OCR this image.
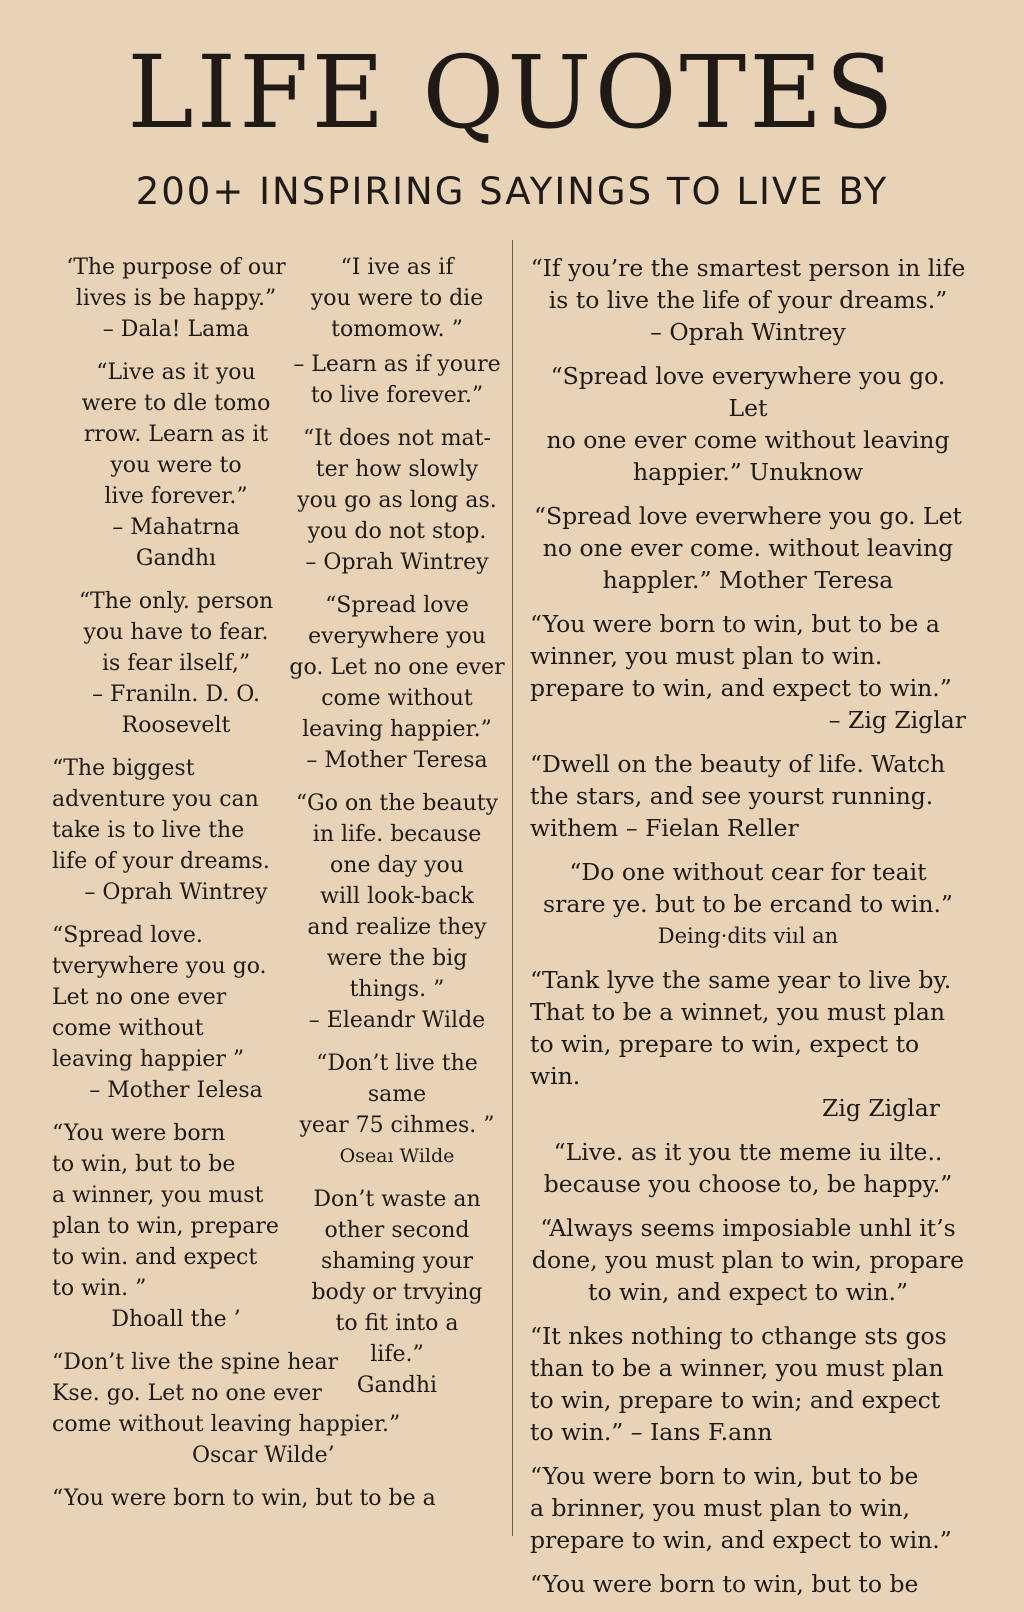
LIFE QUOTES
200+ INSPIRING SAYINGS TO LIVE BY
‘The purpose of our
lives is be happy.”
– Dala! Lama
“Live as it you
were to dle tomo
rrow. Learn as it
you were to
live forever.”
– Mahatrna
Gandhı
“The only. person
you have to fear.
is fear ilself,”
– Franiln. D. O.
Roosevelt
“The biggest
adventure you can
take is to live the
life of your dreams.
– Oprah Wintrey
“Spread love.
tverywhere you go.
Let no one ever
come without
leaving happier ”
– Mother Ielesa
“You were born
to win, but to be
a winner, you must
plan to win, prepare
to win. and expect
to win. ”
Dhoall the ’
“Don’t live the spine hear
Kse. go. Let no one ever
come without leaving happier.”
Oscar Wilde’
“You were born to win, but to be a
“I ive as if
you were to die
tomomow. ”
– Learn as if youre
to live forever.”
“It does not mat-
ter how slowly
you go as long as.
you do not stop.
– Oprah Wintrey
“Spread love
everywhere you
go. Let no one ever
come without
leaving happier.”
– Mother Teresa
“Go on the beauty
in life. because
one day you
will look-back
and realize they
were the big
things. ”
– Eleandr Wilde
“Don’t live the same
year 75 cihmes. ”
Oseaı Wilde
Don’t waste an
other second
shaming your
body or trvying
to fit into a
life.”
Gandhi
“If you’re the smartest person in life
is to live the life of your dreams.”
– Oprah Wintrey
“Spread love everywhere you go. Let
no one ever come without leaving
happier.” Unuknow
“Spread love everwhere you go. Let
no one ever come. without leaving
happler.” Mother Teresa
“You were born to win, but to be a
winner, you must plan to win.
prepare to win, and expect to win.”
– Zig Ziglar
“Dwell on the beauty of life. Watch
the stars, and see yourst running.
withem – Fielan Reller
“Do one without cear for teait
srare ye. but to be ercand to win.”
Deing·dits viıl an
“Tank lyve the same year to live by.
That to be a winnet, you must plan
to win, prepare to win, expect to win.
Zig Ziglar
“Live. as it you tte meme iu ilte..
because you choose to, be happy.”
“Always seems imposiable unhl it’s
done, you must plan to win, propare
to win, and expect to win.”
“It nkes nothing to cthange sts gos
than to be a winner, you must plan
to win, prepare to win; and expect
to win.” – Ians F.ann
“You were born to win, but to be
a brinner, you must plan to win,
prepare to win, and expect to win.”
“You were born to win, but to be
